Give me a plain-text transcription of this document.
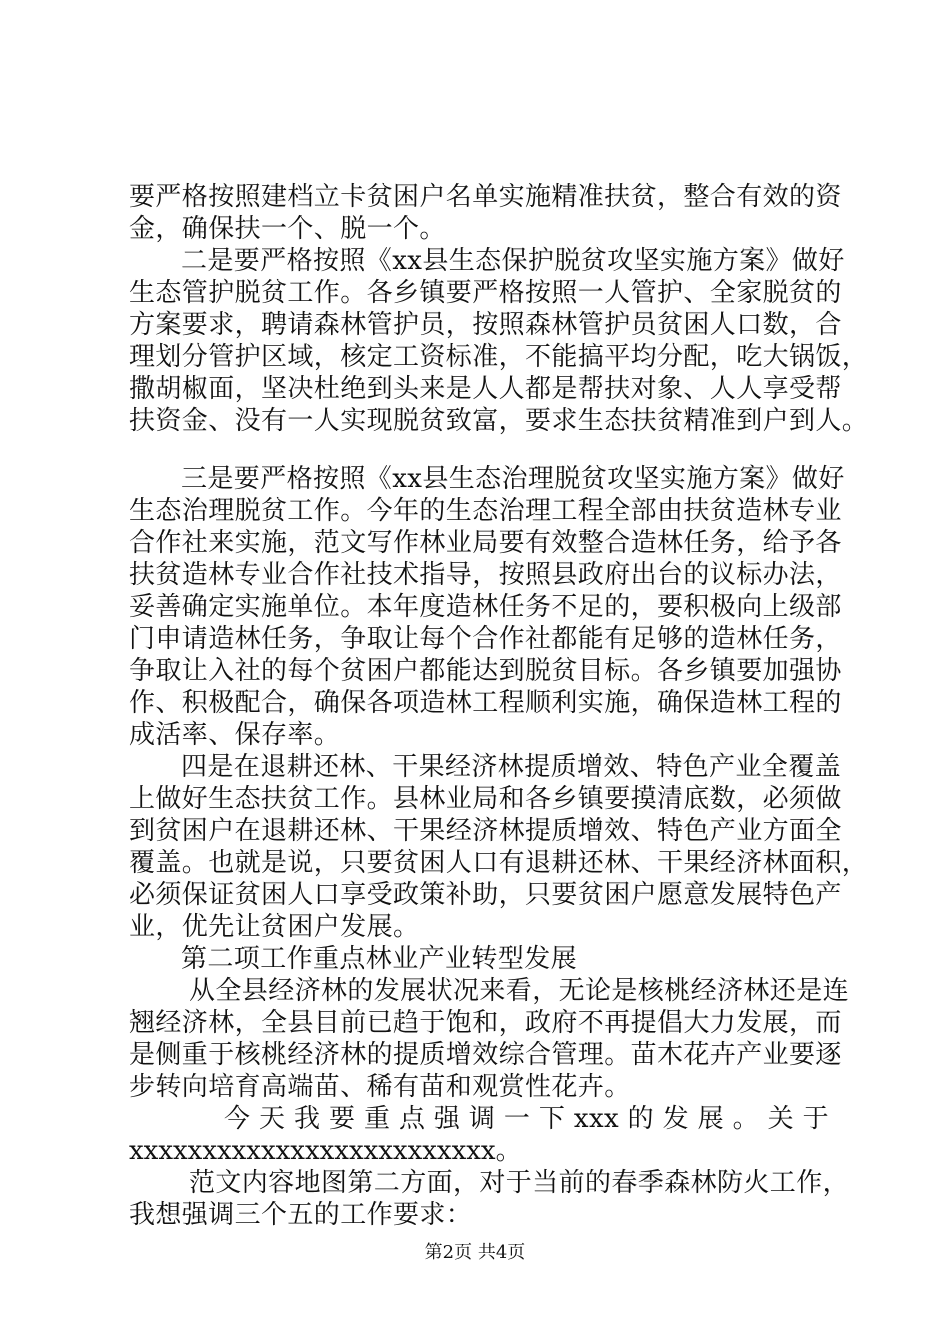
要严格按照建档立卡贫困户名单实施精准扶贫，整合有效的资
金，确保扶一个、脱一个。
二是要严格按照《xx县生态保护脱贫攻坚实施方案》做好
生态管护脱贫工作。各乡镇要严格按照一人管护、全家脱贫的
方案要求，聘请森林管护员，按照森林管护员贫困人口数，合
理划分管护区域，核定工资标准，不能搞平均分配，吃大锅饭，
撒胡椒面，坚决杜绝到头来是人人都是帮扶对象、人人享受帮
扶资金、没有一人实现脱贫致富，要求生态扶贫精准到户到人。
三是要严格按照《xx县生态治理脱贫攻坚实施方案》做好
生态治理脱贫工作。今年的生态治理工程全部由扶贫造林专业
合作社来实施，范文写作林业局要有效整合造林任务，给予各
扶贫造林专业合作社技术指导，按照县政府出台的议标办法，
妥善确定实施单位。本年度造林任务不足的，要积极向上级部
门申请造林任务，争取让每个合作社都能有足够的造林任务，
争取让入社的每个贫困户都能达到脱贫目标。各乡镇要加强协
作、积极配合，确保各项造林工程顺利实施，确保造林工程的
成活率、保存率。
四是在退耕还林、干果经济林提质增效、特色产业全覆盖
上做好生态扶贫工作。县林业局和各乡镇要摸清底数，必须做
到贫困户在退耕还林、干果经济林提质增效、特色产业方面全
覆盖。也就是说，只要贫困人口有退耕还林、干果经济林面积，
必须保证贫困人口享受政策补助，只要贫困户愿意发展特色产
业，优先让贫困户发展。
第二项工作重点林业产业转型发展
从全县经济林的发展状况来看，无论是核桃经济林还是连
翘经济林，全县目前已趋于饱和，政府不再提倡大力发展，而
是侧重于核桃经济林的提质增效综合管理。苗木花卉产业要逐
步转向培育高端苗、稀有苗和观赏性花卉。
今天我要重点强调一下xxx的发展。关于
xxxxxxxxxxxxxxxxxxxxxxxxx。
范文内容地图第二方面，对于当前的春季森林防火工作，
我想强调三个五的工作要求：
第2页 共4页
